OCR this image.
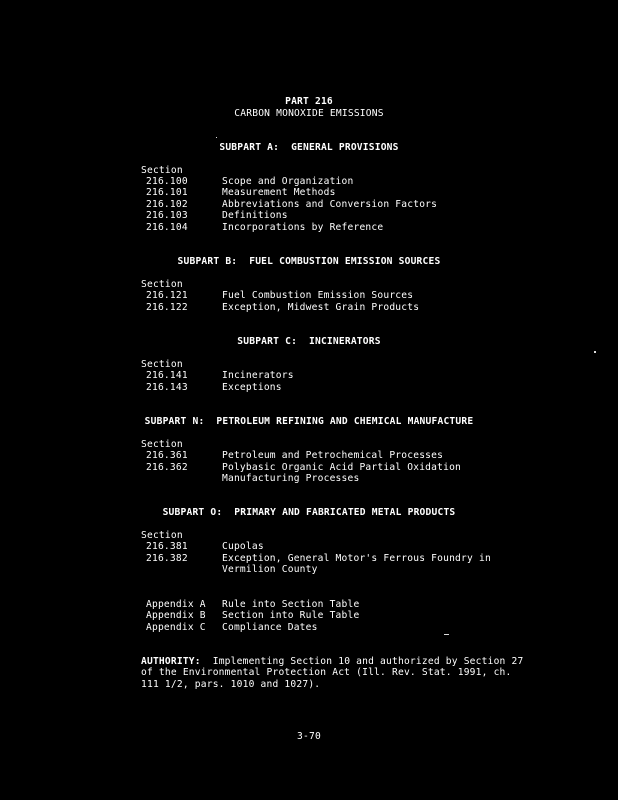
PART 216
CARBON MONOXIDE EMISSIONS
SUBPART A:  GENERAL PROVISIONS
Section
216.100	Scope and Organization
216.101	Measurement Methods
216.102	Abbreviations and Conversion Factors
216.103	Definitions
216.104	Incorporations by Reference
SUBPART B:  FUEL COMBUSTION EMISSION SOURCES
Section
216.121	Fuel Combustion Emission Sources
216.122	Exception, Midwest Grain Products
SUBPART C:  INCINERATORS
Section
216.141	Incinerators
216.143	Exceptions
SUBPART N:  PETROLEUM REFINING AND CHEMICAL MANUFACTURE
Section
216.361	Petroleum and Petrochemical Processes
216.362	Polybasic Organic Acid Partial Oxidation
Manufacturing Processes
SUBPART O:  PRIMARY AND FABRICATED METAL PRODUCTS
Section
216.381	Cupolas
216.382	Exception, General Motor's Ferrous Foundry in
Vermilion County
Appendix A Rule into Section Table
Appendix B Section into Rule Table
Appendix C Compliance Dates
AUTHORITY:  Implementing Section 10 and authorized by Section 27
of the Environmental Protection Act (Ill. Rev. Stat. 1991, ch.
111 1/2, pars. 1010 and 1027).
3-70
